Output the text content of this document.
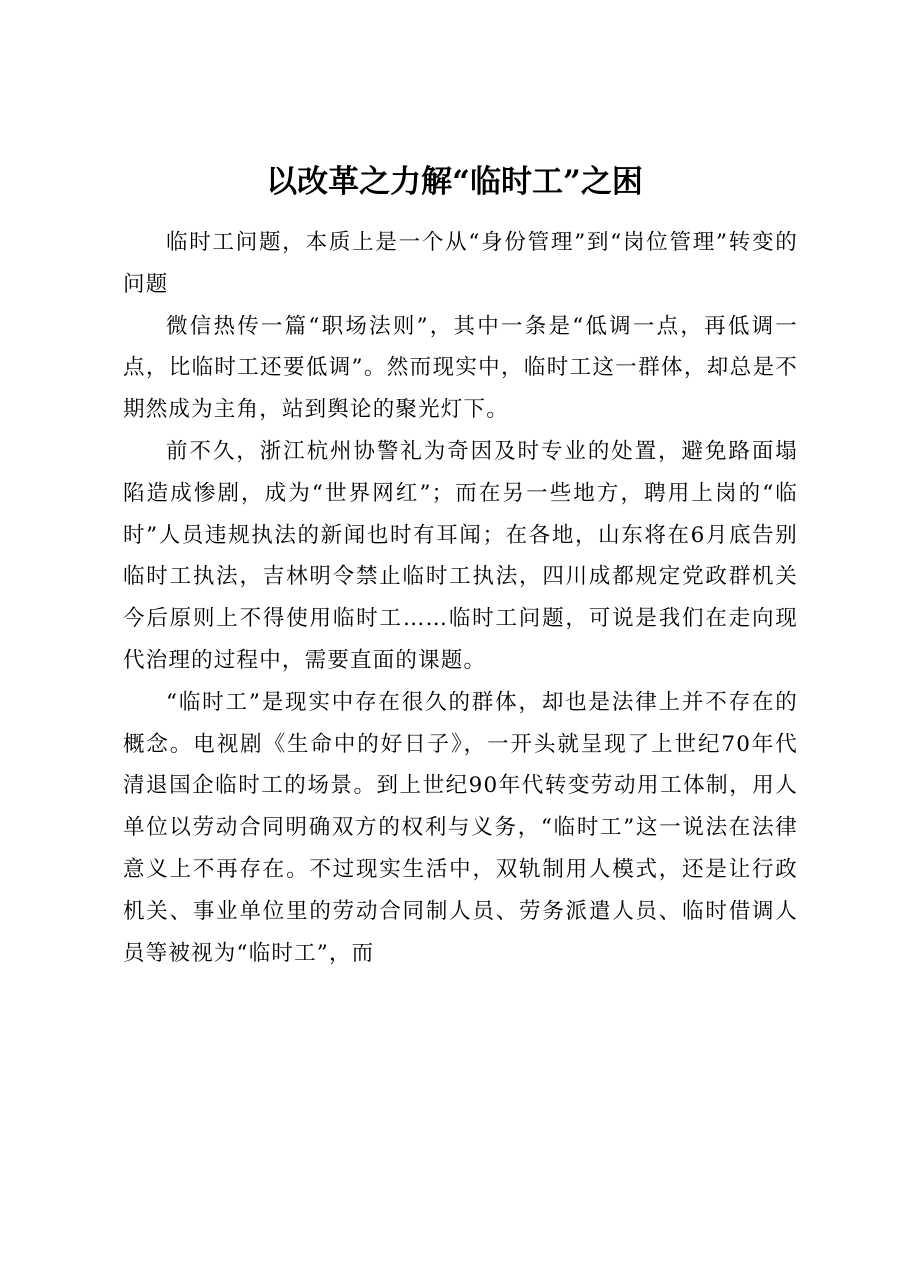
以改革之力解“临时工”之困

临时工问题，本质上是一个从“身份管理”到“岗位管理”转变的问题

微信热传一篇“职场法则”，其中一条是“低调一点，再低调一点，比临时工还要低调”。然而现实中，临时工这一群体，却总是不期然成为主角，站到舆论的聚光灯下。

前不久，浙江杭州协警礼为奇因及时专业的处置，避免路面塌陷造成惨剧，成为“世界网红”；而在另一些地方，聘用上岗的“临时”人员违规执法的新闻也时有耳闻；在各地，山东将在6月底告别临时工执法，吉林明令禁止临时工执法，四川成都规定党政群机关今后原则上不得使用临时工……临时工问题，可说是我们在走向现代治理的过程中，需要直面的课题。

“临时工”是现实中存在很久的群体，却也是法律上并不存在的概念。电视剧《生命中的好日子》，一开头就呈现了上世纪70年代清退国企临时工的场景。到上世纪90年代转变劳动用工体制，用人单位以劳动合同明确双方的权利与义务，“临时工”这一说法在法律意义上不再存在。不过现实生活中，双轨制用人模式，还是让行政机关、事业单位里的劳动合同制人员、劳务派遣人员、临时借调人员等被视为“临时工”，而
